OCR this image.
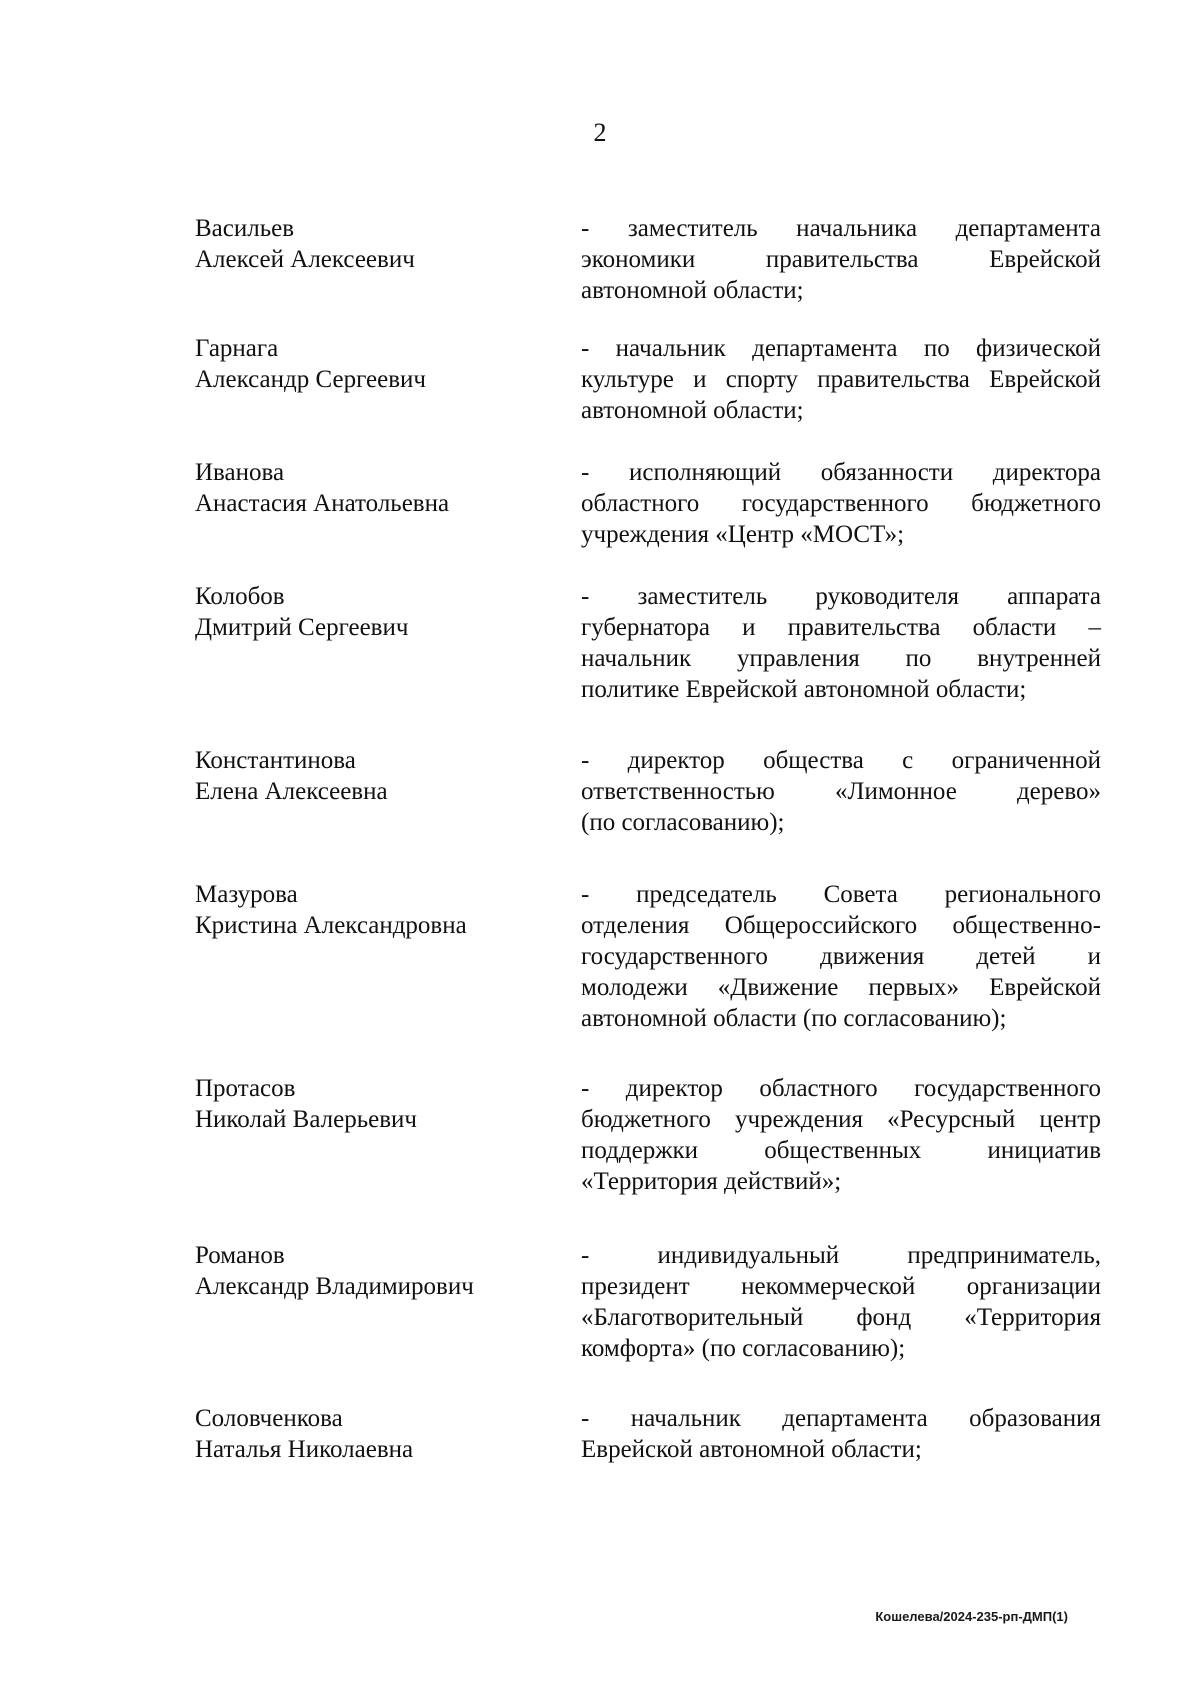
2
Васильев
Алексей Алексеевич
- заместитель начальника департамента
экономики правительства Еврейской
автономной области;
Гарнага
Александр Сергеевич
- начальник департамента по физической
культуре и спорту правительства Еврейской
автономной области;
Иванова
Анастасия Анатольевна
- исполняющий обязанности директора
областного государственного бюджетного
учреждения «Центр «МОСТ»;
Колобов
Дмитрий Сергеевич
- заместитель руководителя аппарата
губернатора и правительства области –
начальник управления по внутренней
политике Еврейской автономной области;
Константинова
Елена Алексеевна
- директор общества с ограниченной
ответственностью «Лимонное дерево»
(по согласованию);
Мазурова
Кристина Александровна
- председатель Совета регионального
отделения Общероссийского общественно-
государственного движения детей и
молодежи «Движение первых» Еврейской
автономной области (по согласованию);
Протасов
Николай Валерьевич
- директор областного государственного
бюджетного учреждения «Ресурсный центр
поддержки общественных инициатив
«Территория действий»;
Романов
Александр Владимирович
- индивидуальный предприниматель,
президент некоммерческой организации
«Благотворительный фонд «Территория
комфорта» (по согласованию);
Соловченкова
Наталья Николаевна
- начальник департамента образования
Еврейской автономной области;
Кошелева/2024-235-рп-ДМП(1)
